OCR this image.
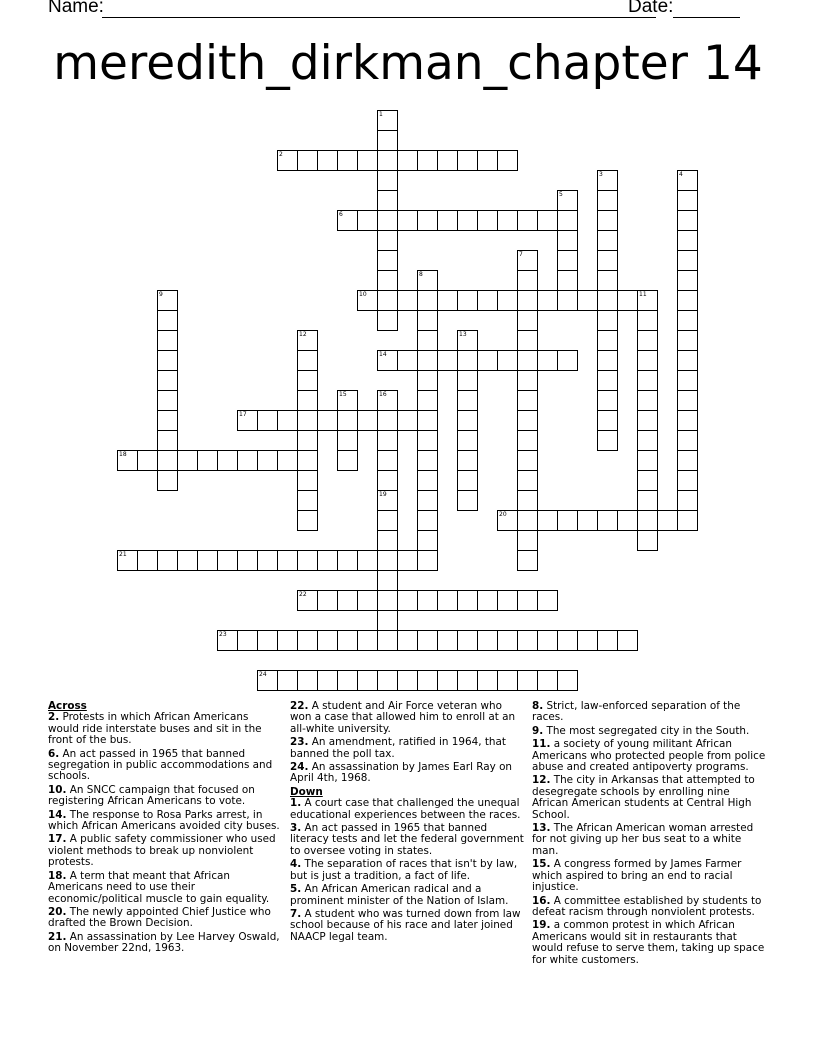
Name:	Date:
meredith_dirkman_chapter 14
2
6
10
14
17
18
20
21
22
23
24
1
3	4
5
7
8
9	11
12	13
15	16
19

Across

2. Protests in which African Americans would ride interstate buses and sit in the front of the bus.

6. An act passed in 1965 that banned segregation in public accommodations and schools.

10. An SNCC campaign that focused on registering African Americans to vote.

14. The response to Rosa Parks arrest, in which African Americans avoided city buses.

17. A public safety commissioner who used violent methods to break up nonviolent protests.

18. A term that meant that African Americans need to use their economic/political muscle to gain equality.

20. The newly appointed Chief Justice who drafted the Brown Decision.

21. An assassination by Lee Harvey Oswald, on November 22nd, 1963.

22. A student and Air Force veteran who won a case that allowed him to enroll at an all-white university.

23. An amendment, ratified in 1964, that banned the poll tax.

24. An assassination by James Earl Ray on April 4th, 1968.

Down

1. A court case that challenged the unequal educational experiences between the races.

3. An act passed in 1965 that banned literacy tests and let the federal government to oversee voting in states.

4. The separation of races that isn't by law, but is just a tradition, a fact of life.

5. An African American radical and a prominent minister of the Nation of Islam.

7. A student who was turned down from law school because of his race and later joined NAACP legal team.

8. Strict, law-enforced separation of the races.

9. The most segregated city in the South.

11. a society of young militant African Americans who protected people from police abuse and created antipoverty programs.

12. The city in Arkansas that attempted to desegregate schools by enrolling nine African American students at Central High School.

13. The African American woman arrested for not giving up her bus seat to a white man.

15. A congress formed by James Farmer which aspired to bring an end to racial injustice.

16. A committee established by students to defeat racism through nonviolent protests.

19. a common protest in which African Americans would sit in restaurants that would refuse to serve them, taking up space for white customers.
